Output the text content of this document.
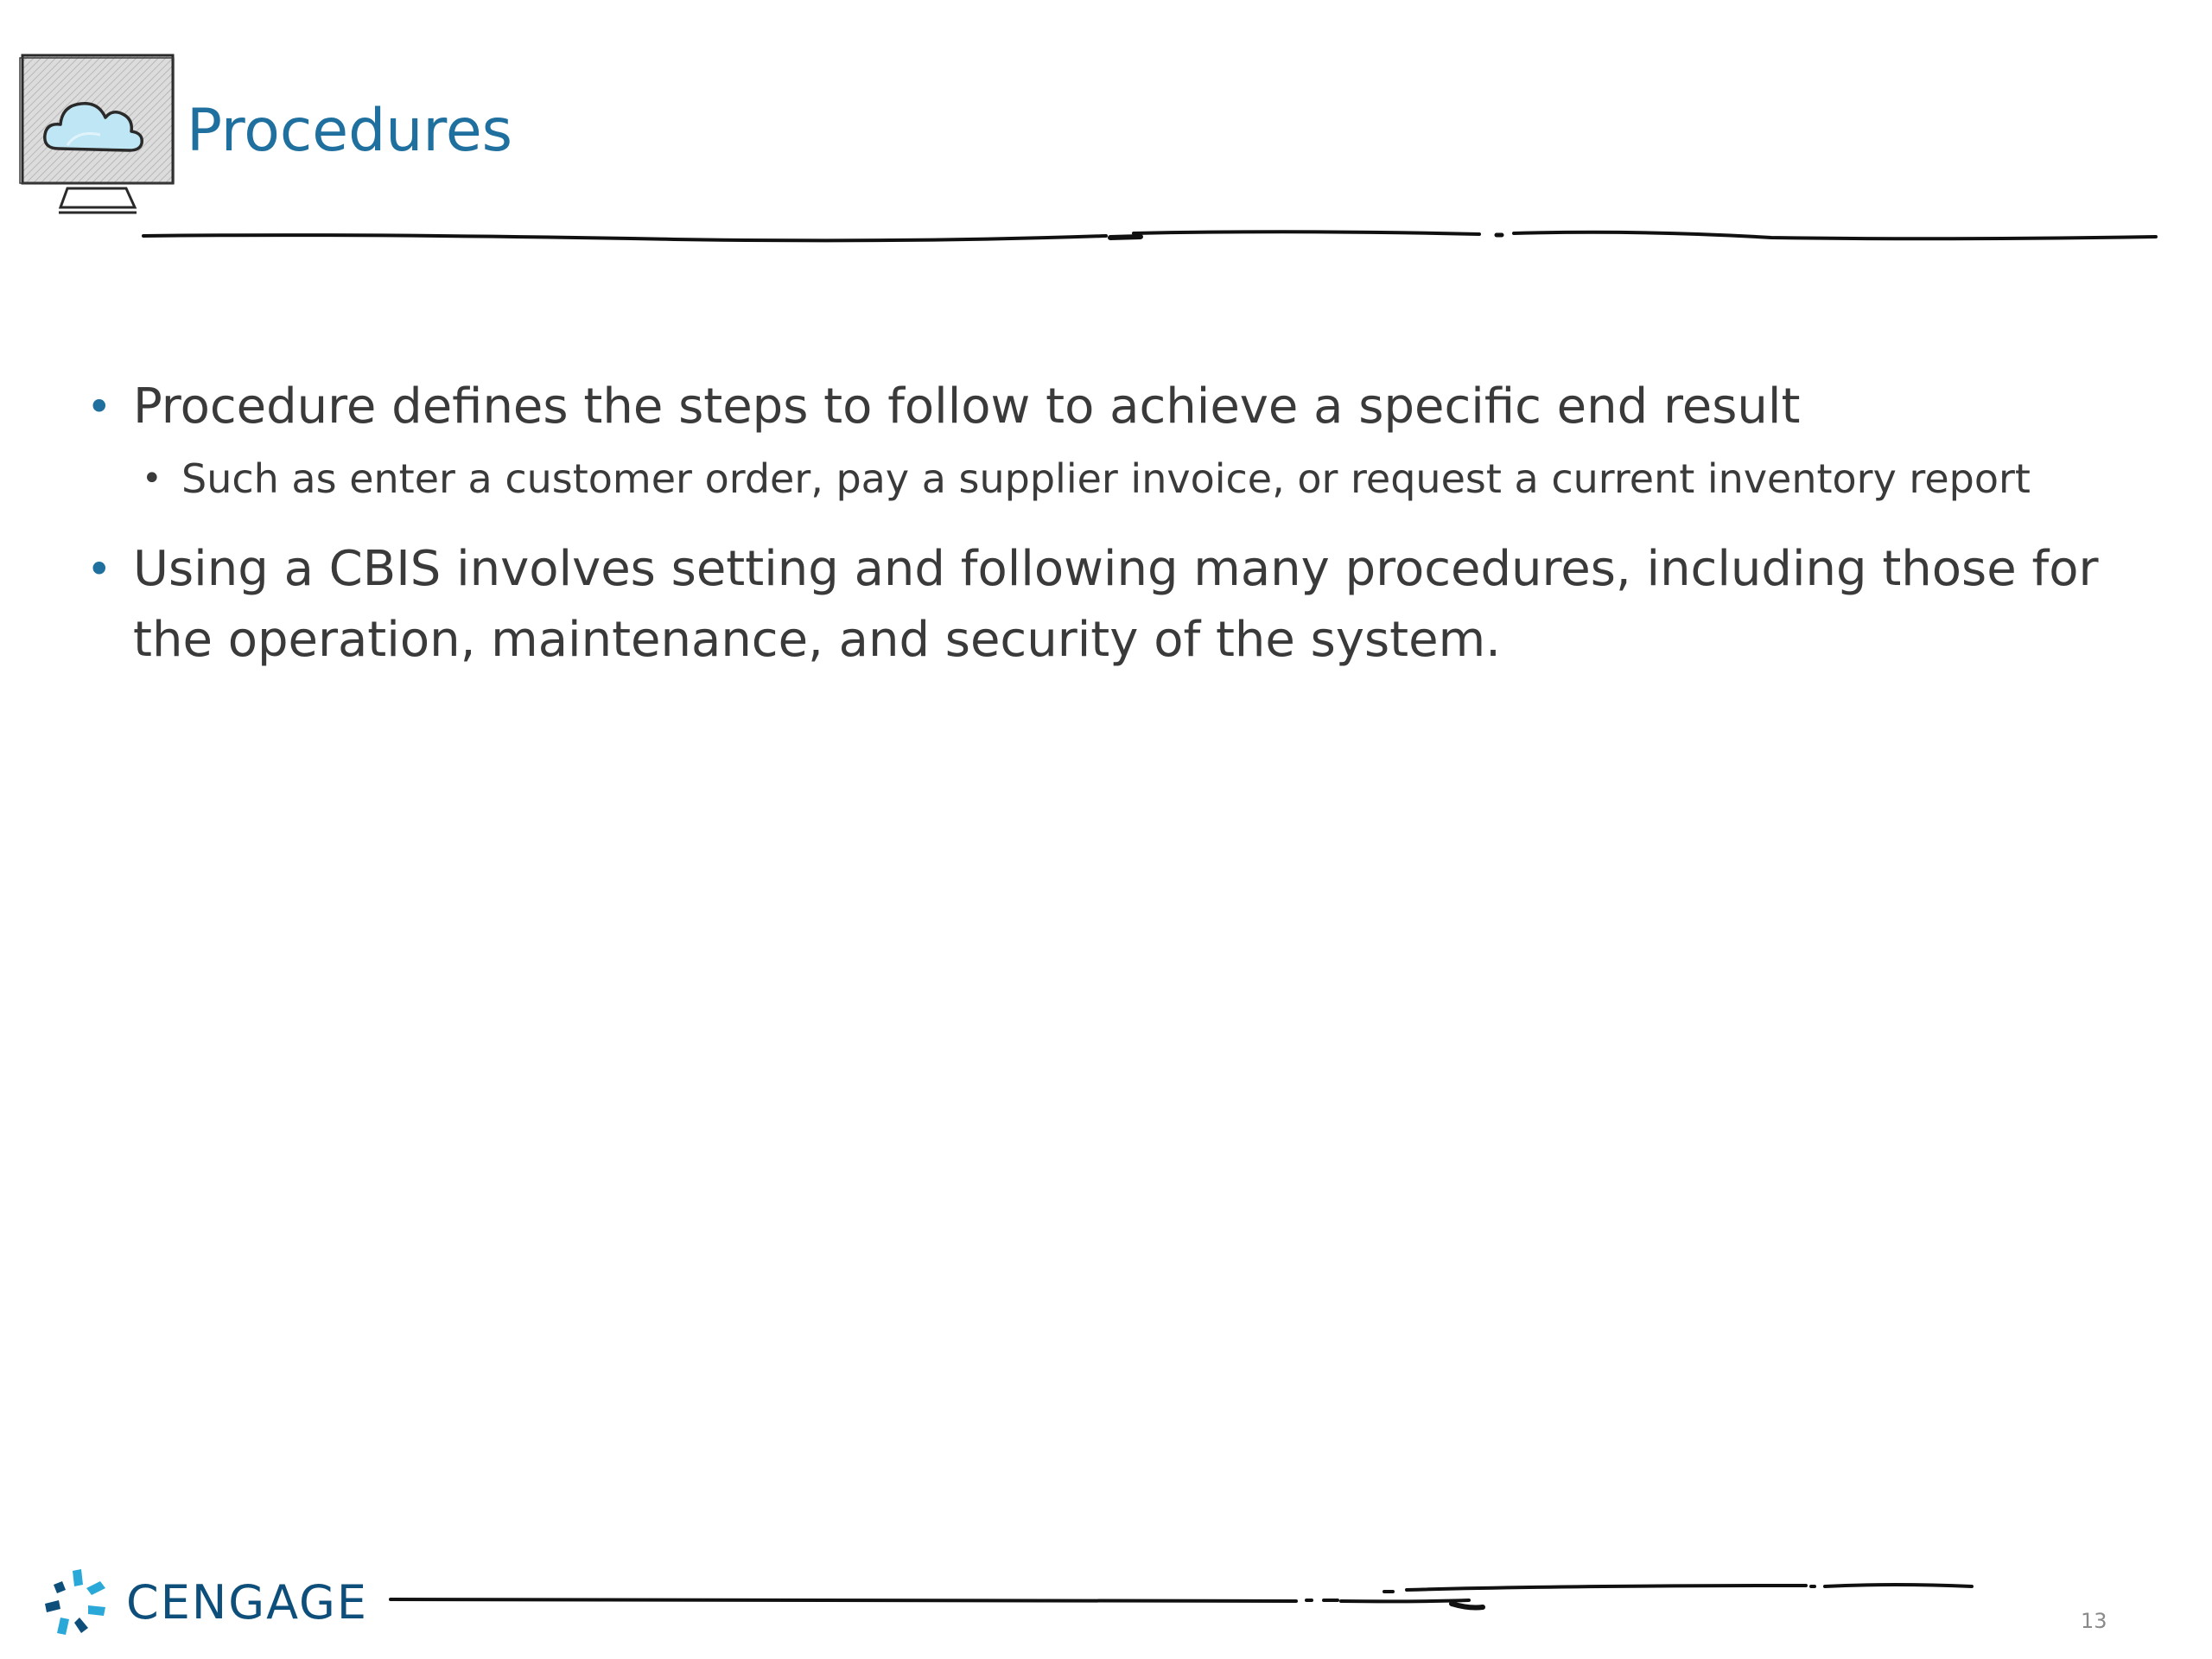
Procedures
• Procedure defines the steps to follow to achieve a specific end result
• Such as enter a customer order, pay a supplier invoice, or request a current inventory report
• Using a CBIS involves setting and following many procedures, including those for the operation, maintenance, and security of the system.
CENGAGE	13
